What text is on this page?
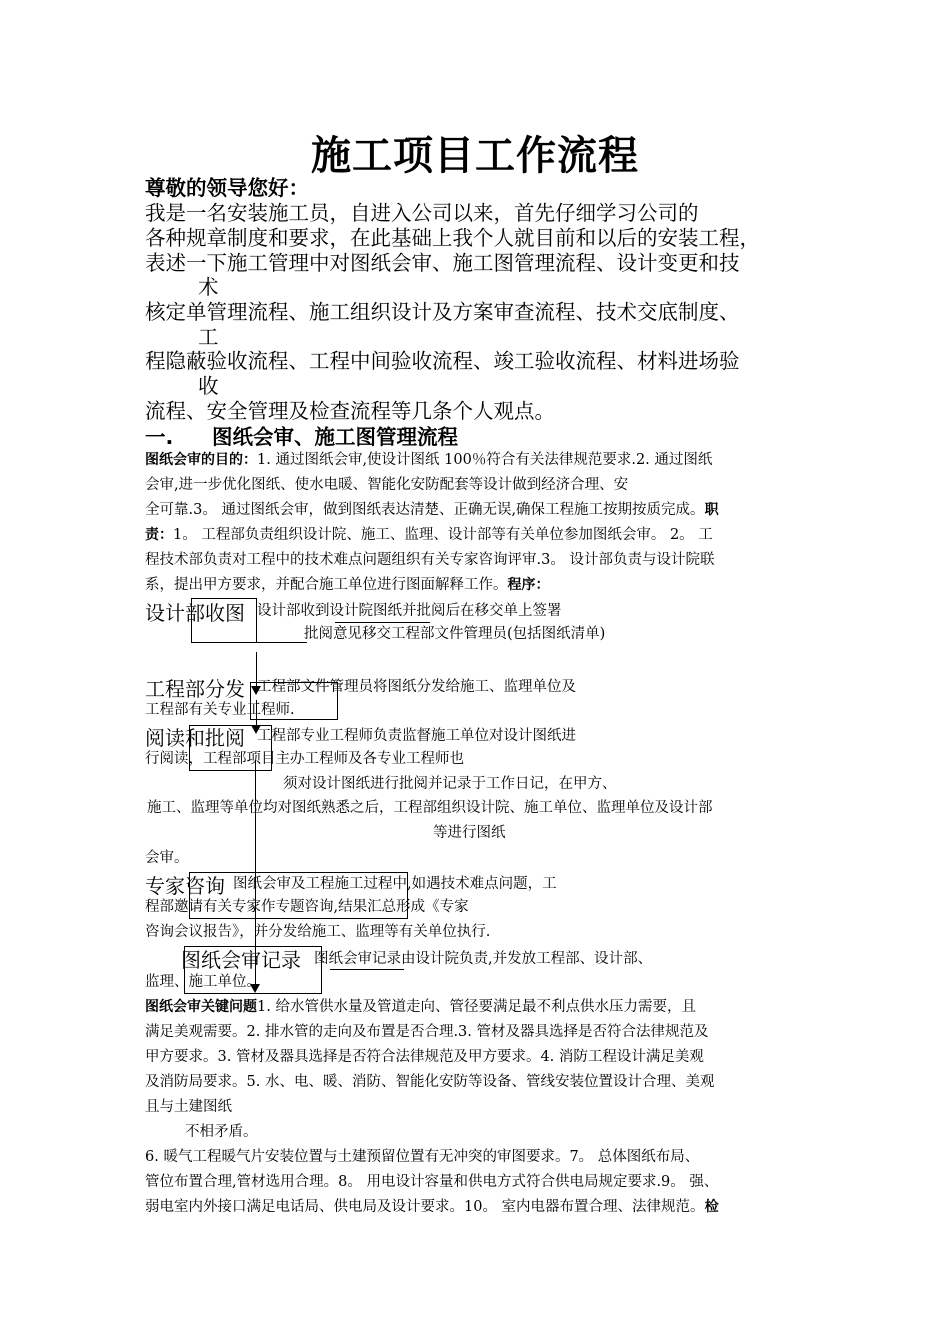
施工项目工作流程
尊敬的领导您好：
我是一名安装施工员，自进入公司以来，首先仔细学习公司的
各种规章制度和要求，在此基础上我个人就目前和以后的安装工程，
表述一下施工管理中对图纸会审、施工图管理流程、设计变更和技
术
核定单管理流程、施工组织设计及方案审查流程、技术交底制度、
工
程隐蔽验收流程、工程中间验收流程、竣工验收流程、材料进场验
收
流程、安全管理及检查流程等几条个人观点。
一. 图纸会审、施工图管理流程
图纸会审的目的：1. 通过图纸会审,使设计图纸 100％符合有关法律规范要求.2. 通过图纸
会审,进一步优化图纸、使水电暖、智能化安防配套等设计做到经济合理、安
全可靠.3。 通过图纸会审，做到图纸表达清楚、正确无误,确保工程施工按期按质完成。职
责：1。 工程部负责组织设计院、施工、监理、设计部等有关单位参加图纸会审。 2。 工
程技术部负责对工程中的技术难点问题组织有关专家咨询评审.3。 设计部负责与设计院联
系，提出甲方要求，并配合施工单位进行图面解释工作。程序：
设计部收图 设计部收到设计院图纸并批阅后在移交单上签署
批阅意见移交工程部文件管理员(包括图纸清单)
工程部分发 工程部文件管理员将图纸分发给施工、监理单位及
工程部有关专业工程师.
阅读和批阅 工程部专业工程师负责监督施工单位对设计图纸进
行阅读，工程部项目主办工程师及各专业工程师也
须对设计图纸进行批阅并记录于工作日记，在甲方、
施工、监理等单位均对图纸熟悉之后，工程部组织设计院、施工单位、监理单位及设计部
等进行图纸
会审。
专家咨询 图纸会审及工程施工过程中,如遇技术难点问题，工
程部邀请有关专家作专题咨询,结果汇总形成《专家
咨询会议报告》，并分发给施工、监理等有关单位执行.
图纸会审记录 图纸会审记录由设计院负责,并发放工程部、设计部、
监理、施工单位。
图纸会审关键问题1. 给水管供水量及管道走向、管径要满足最不利点供水压力需要，且
满足美观需要。2. 排水管的走向及布置是否合理.3. 管材及器具选择是否符合法律规范及
甲方要求。3. 管材及器具选择是否符合法律规范及甲方要求。4. 消防工程设计满足美观
及消防局要求。5. 水、电、暖、消防、智能化安防等设备、管线安装位置设计合理、美观
且与土建图纸
不相矛盾。
6. 暖气工程暖气片安装位置与土建预留位置有无冲突的审图要求。7。 总体图纸布局、
管位布置合理,管材选用合理。8。 用电设计容量和供电方式符合供电局规定要求.9。 强、
弱电室内外接口满足电话局、供电局及设计要求。10。 室内电器布置合理、法律规范。检
